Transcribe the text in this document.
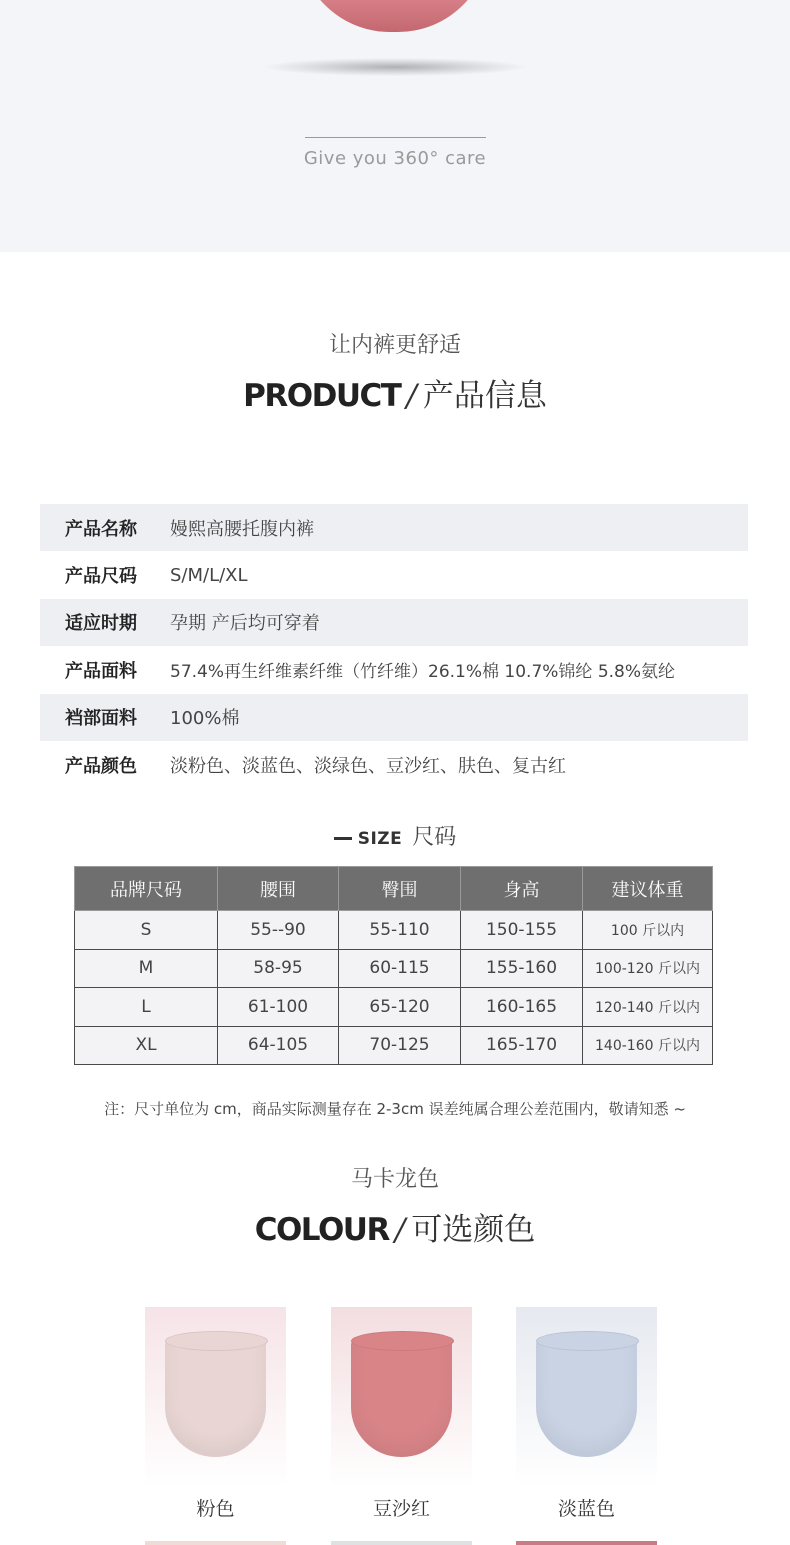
Give you 360° care
让内裤更舒适
PRODUCT / 产品信息
产品名称	嫚熙高腰托腹内裤
产品尺码	S/M/L/XL
适应时期	孕期 产后均可穿着
产品面料	57.4%再生纤维素纤维（竹纤维）26.1%棉 10.7%锦纶 5.8%氨纶
裆部面料	100%棉
产品颜色	淡粉色、淡蓝色、淡绿色、豆沙红、肤色、复古红
SIZE 尺码
品牌尺码	腰围	臀围	身高	建议体重
S	55--90	55-110	150-155	100 斤以内
M	58-95	60-115	155-160	100-120 斤以内
L	61-100	65-120	160-165	120-140 斤以内
XL	64-105	70-125	165-170	140-160 斤以内
注：尺寸单位为 cm，商品实际测量存在 2-3cm 误差纯属合理公差范围内，敬请知悉 ~
马卡龙色
COLOUR / 可选颜色
粉色	豆沙红	淡蓝色
